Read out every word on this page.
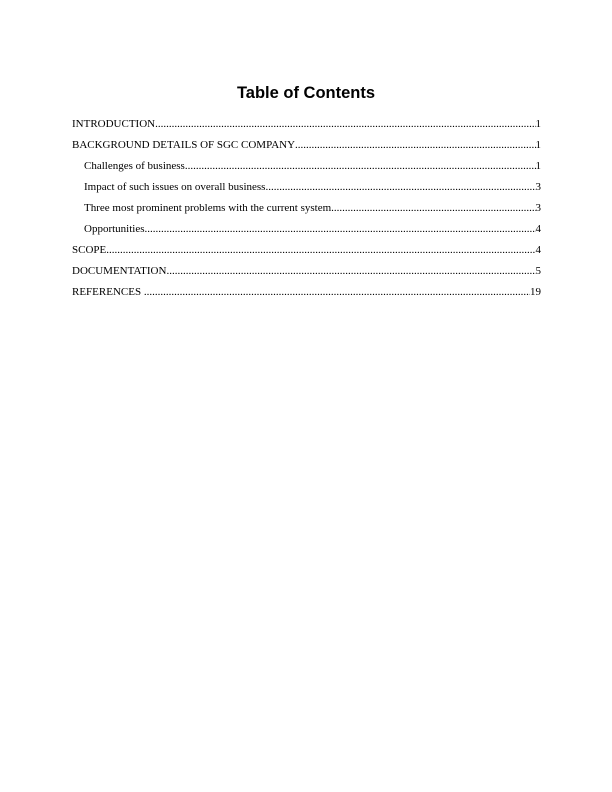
Table of Contents
INTRODUCTION .....	1
BACKGROUND DETAILS OF SGC COMPANY .....	1
Challenges of business .....	1
Impact of such issues on overall business .....	3
Three most prominent problems with the current system .....	3
Opportunities .....	4
SCOPE .....	4
DOCUMENTATION .....	5
REFERENCES .....	19
